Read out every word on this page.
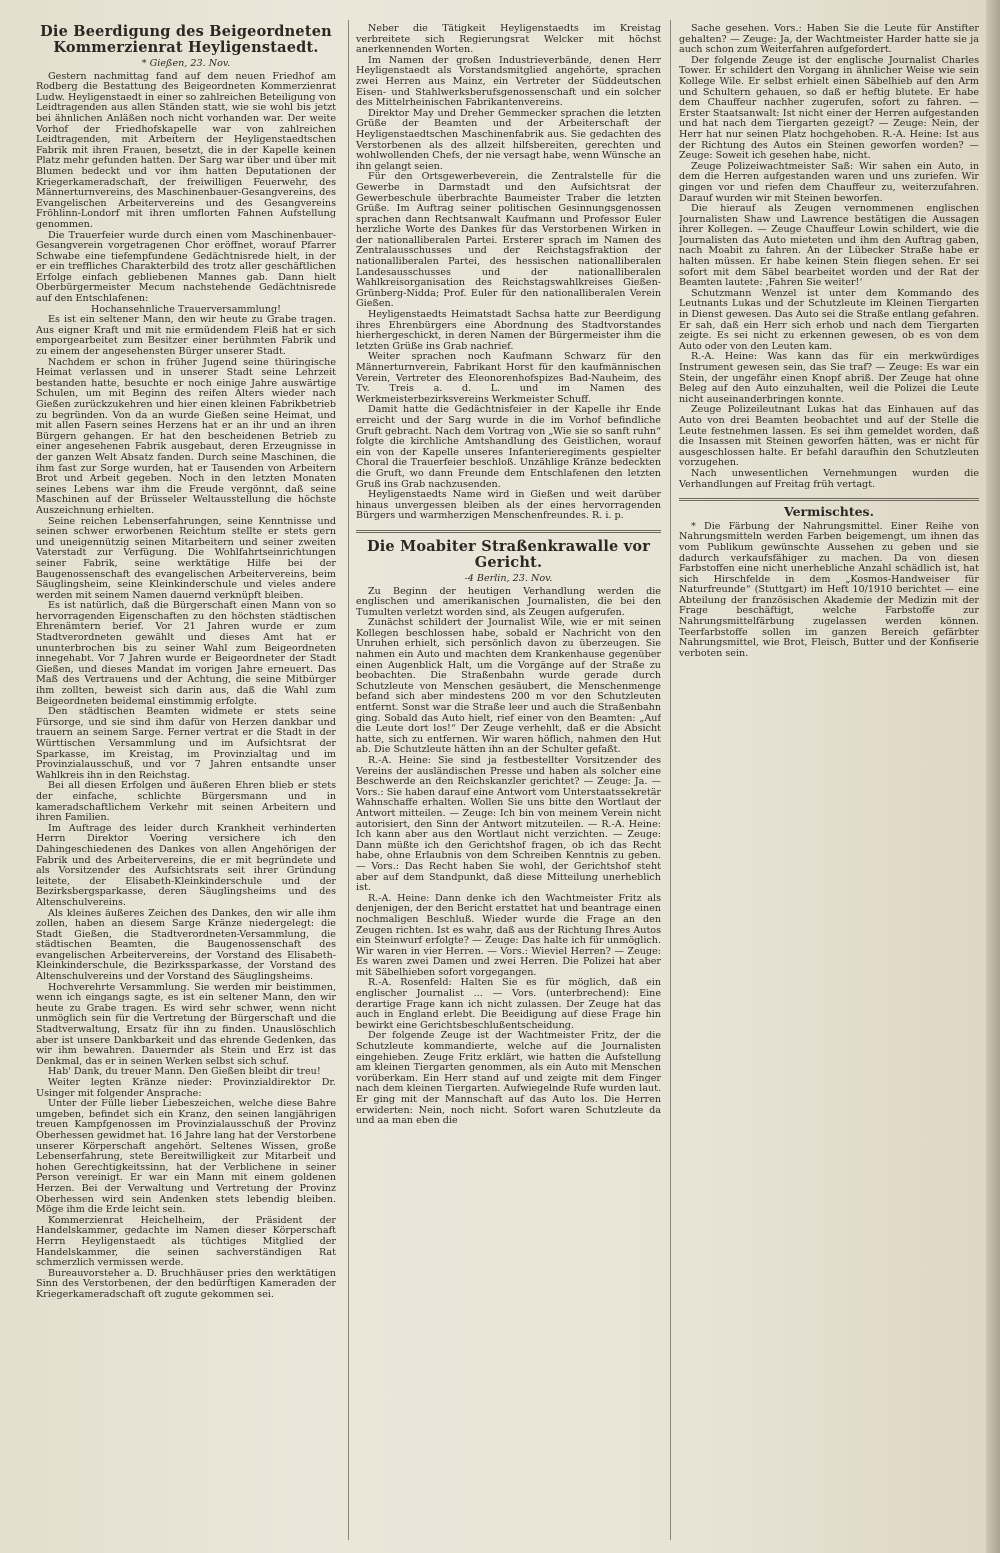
Die Beerdigung des Beigeordneten Kommerzienrat Heyligenstaedt.
* Gießen, 23. Nov.

Gestern nachmittag fand auf dem neuen Friedhof am Rodberg die Bestattung des Beigeordneten Kommerzienrat Ludw. Heyligenstaedt in einer so zahlreichen Beteiligung von Leidtragenden aus allen Ständen statt, wie sie wohl bis jetzt bei ähnlichen Anläßen noch nicht vorhanden war. Der weite Vorhof der Friedhofskapelle war von zahlreichen Leidtragenden, mit Arbeitern der Heyligenstaedtschen Fabrik mit ihren Frauen, besetzt, die in der Kapelle keinen Platz mehr gefunden hatten. Der Sarg war über und über mit Blumen bedeckt und vor ihm hatten Deputationen der Kriegerkameradschaft, der freiwilligen Feuerwehr, des Männerturnvereins, des Maschinenbauer-Gesangvereins, des Evangelischen Arbeitervereins und des Gesangvereins Fröhlinn-Londorf mit ihren umflorten Fahnen Aufstellung genommen.

Die Trauerfeier wurde durch einen vom Maschinenbauer-Gesangverein vorgetragenen Chor eröffnet, worauf Pfarrer Schwabe eine tiefempfundene Gedächtnisrede hielt, in der er ein treffliches Charakterbild des trotz aller geschäftlichen Erfolge einfach gebliebenen Mannes gab. Dann hielt Oberbürgermeister Mecum nachstehende Gedächtnisrede auf den Entschlafenen:

Hochansehnliche Trauerversammlung!

Es ist ein seltener Mann, den wir heute zu Grabe tragen. Aus eigner Kraft und mit nie ermüdendem Fleiß hat er sich emporgearbeitet zum Besitzer einer berühmten Fabrik und zu einem der angesehensten Bürger unserer Stadt.

Nachdem er schon in früher Jugend seine thüringische Heimat verlassen und in unserer Stadt seine Lehrzeit bestanden hatte, besuchte er noch einige Jahre auswärtige Schulen, um mit Beginn des reifen Alters wieder nach Gießen zurückzukehren und hier einen kleinen Fabrikbetrieb zu begründen. Von da an wurde Gießen seine Heimat, und mit allen Fasern seines Herzens hat er an ihr und an ihren Bürgern gehangen. Er hat den bescheidenen Betrieb zu einer angesehenen Fabrik ausgebaut, deren Erzeugnisse in der ganzen Welt Absatz fanden. Durch seine Maschinen, die ihm fast zur Sorge wurden, hat er Tausenden von Arbeitern Brot und Arbeit gegeben. Noch in den letzten Monaten seines Lebens war ihm die Freude vergönnt, daß seine Maschinen auf der Brüsseler Weltausstellung die höchste Auszeichnung erhielten.

Seine reichen Lebenserfahrungen, seine Kenntnisse und seinen schwer erworbenen Reichtum stellte er stets gern und uneigennützig seinen Mitarbeitern und seiner zweiten Vaterstadt zur Verfügung. Die Wohlfahrtseinrichtungen seiner Fabrik, seine werktätige Hilfe bei der Baugenossenschaft des evangelischen Arbeitervereins, beim Säuglingsheim, seine Kleinkinderschule und vieles andere werden mit seinem Namen dauernd verknüpft bleiben.

Es ist natürlich, daß die Bürgerschaft einen Mann von so hervorragenden Eigenschaften zu den höchsten städtischen Ehrenämtern berief. Vor 21 Jahren wurde er zum Stadtverordneten gewählt und dieses Amt hat er ununterbrochen bis zu seiner Wahl zum Beigeordneten innegehabt. Vor 7 Jahren wurde er Beigeordneter der Stadt Gießen, und dieses Mandat im vorigen Jahre erneuert. Das Maß des Vertrauens und der Achtung, die seine Mitbürger ihm zollten, beweist sich darin aus, daß die Wahl zum Beigeordneten beidemal einstimmig erfolgte.

Den städtischen Beamten widmete er stets seine Fürsorge, und sie sind ihm dafür von Herzen dankbar und trauern an seinem Sarge. Ferner vertrat er die Stadt in der Württischen Versammlung und im Aufsichtsrat der Sparkasse, im Kreistag, im Provinzialtag und im Provinzialausschuß, und vor 7 Jahren entsandte unser Wahlkreis ihn in den Reichstag.

Bei all diesen Erfolgen und äußeren Ehren blieb er stets der einfache, schlichte Bürgersmann und in kameradschaftlichem Verkehr mit seinen Arbeitern und ihren Familien.

Im Auftrage des leider durch Krankheit verhinderten Herrn Direktor Voering versichere ich den Dahingeschiedenen des Dankes von allen Angehörigen der Fabrik und des Arbeitervereins, die er mit begründete und als Vorsitzender des Aufsichtsrats seit ihrer Gründung leitete, der Elisabeth-Kleinkinderschule und der Bezirksbergsparkasse, deren Säuglingsheims und des Altenschulvereins.

Als kleines äußeres Zeichen des Dankes, den wir alle ihm zollen, haben an diesem Sarge Kränze niedergelegt: die Stadt Gießen, die Stadtverordneten-Versammlung, die städtischen Beamten, die Baugenossenschaft des evangelischen Arbeitervereins, der Vorstand des Elisabeth-Kleinkinderschule, die Bezirkssparkasse, der Vorstand des Altenschulvereins und der Vorstand des Säuglingsheims.

Hochverehrte Versammlung. Sie werden mir beistimmen, wenn ich eingangs sagte, es ist ein seltener Mann, den wir heute zu Grabe tragen. Es wird sehr schwer, wenn nicht unmöglich sein für die Vertretung der Bürgerschaft und die Stadtverwaltung, Ersatz für ihn zu finden. Unauslöschlich aber ist unsere Dankbarkeit und das ehrende Gedenken, das wir ihm bewahren. Dauernder als Stein und Erz ist das Denkmal, das er in seinen Werken selbst sich schuf.

Hab' Dank, du treuer Mann. Den Gießen bleibt dir treu!

Weiter legten Kränze nieder: Provinzialdirektor Dr. Usinger mit folgender Ansprache:

Unter der Fülle lieber Liebeszeichen, welche diese Bahre umgeben, befindet sich ein Kranz, den seinen langjährigen treuen Kampfgenossen im Provinzialausschuß der Provinz Oberhessen gewidmet hat. 16 Jahre lang hat der Verstorbene unserer Körperschaft angehört. Seltenes Wissen, große Lebenserfahrung, stete Bereitwilligkeit zur Mitarbeit und hohen Gerechtigkeitssinn, hat der Verblichene in seiner Person vereinigt. Er war ein Mann mit einem goldenen Herzen. Bei der Verwaltung und Vertretung der Provinz Oberhessen wird sein Andenken stets lebendig bleiben. Möge ihm die Erde leicht sein.

Kommerzienrat Heichelheim, der Präsident der Handelskammer, gedachte im Namen dieser Körperschaft Herrn Heyligenstaedt als tüchtiges Mitglied der Handelskammer, die seinen sachverständigen Rat schmerzlich vermissen werde.

Bureauvorsteher a. D. Bruchhäuser pries den werktätigen Sinn des Verstorbenen, der den bedürftigen Kameraden der Kriegerkameradschaft oft zugute gekommen sei.

Neber die Tätigkeit Heyligenstaedts im Kreistag verbreitete sich Regierungsrat Welcker mit höchst anerkennenden Worten.

Im Namen der großen Industrieverbände, denen Herr Heyligenstaedt als Vorstandsmitglied angehörte, sprachen zwei Herren aus Mainz, ein Vertreter der Süddeutschen Eisen- und Stahlwerksberufsgenossenschaft und ein solcher des Mittelrheinischen Fabrikantenvereins.

Direktor May und Dreher Gemmecker sprachen die letzten Grüße der Beamten und der Arbeiterschaft der Heyligenstaedtschen Maschinenfabrik aus. Sie gedachten des Verstorbenen als des allzeit hilfsbereiten, gerechten und wohlwollenden Chefs, der nie versagt habe, wenn Wünsche an ihn gelangt seien.

Für den Ortsgewerbeverein, die Zentralstelle für die Gewerbe in Darmstadt und den Aufsichtsrat der Gewerbeschule überbrachte Baumeister Traber die letzten Grüße. Im Auftrag seiner politischen Gesinnungsgenossen sprachen dann Rechtsanwalt Kaufmann und Professor Euler herzliche Worte des Dankes für das Verstorbenen Wirken in der nationalliberalen Partei. Ersterer sprach im Namen des Zentralausschusses und der Reichstagsfraktion der nationalliberalen Partei, des hessischen nationalliberalen Landesausschusses und der nationalliberalen Wahlkreisorganisation des Reichstagswahlkreises Gießen-Grünberg-Nidda; Prof. Euler für den nationalliberalen Verein Gießen.

Heyligenstaedts Heimatstadt Sachsa hatte zur Beerdigung ihres Ehrenbürgers eine Abordnung des Stadtvorstandes hierhergeschickt, in deren Namen der Bürgermeister ihm die letzten Grüße ins Grab nachrief.

Weiter sprachen noch Kaufmann Schwarz für den Männerturnverein, Fabrikant Horst für den kaufmännischen Verein, Vertreter des Eleonorenhofspizes Bad-Nauheim, des Tv. Treis a. d. L. und im Namen des Werkmeisterbezirksvereins Werkmeister Schuff.

Damit hatte die Gedächtnisfeier in der Kapelle ihr Ende erreicht und der Sarg wurde in die im Vorhof befindliche Gruft gebracht. Nach dem Vortrag von „Wie sie so sanft ruhn“ folgte die kirchliche Amtshandlung des Geistlichen, worauf ein von der Kapelle unseres Infanterieregiments gespielter Choral die Trauerfeier beschloß. Unzählige Kränze bedeckten die Gruft, wo dann Freunde dem Entschlafenen den letzten Gruß ins Grab nachzusenden.

Heyligenstaedts Name wird in Gießen und weit darüber hinaus unvergessen bleiben als der eines hervorragenden Bürgers und warmherzigen Menschenfreundes. R. i. p.

Die Moabiter Straßenkrawalle vor Gericht.
-4 Berlin, 23. Nov.

Zu Beginn der heutigen Verhandlung werden die englischen und amerikanischen Journalisten, die bei den Tumulten verletzt worden sind, als Zeugen aufgerufen.

Zunächst schildert der Journalist Wile, wie er mit seinen Kollegen beschlossen habe, sobald er Nachricht von den Unruhen erhielt, sich persönlich davon zu überzeugen. Sie nahmen ein Auto und machten dem Krankenhause gegenüber einen Augenblick Halt, um die Vorgänge auf der Straße zu beobachten. Die Straßenbahn wurde gerade durch Schutzleute von Menschen gesäubert, die Menschenmenge befand sich aber mindestens 200 m vor den Schutzleuten entfernt. Sonst war die Straße leer und auch die Straßenbahn ging. Sobald das Auto hielt, rief einer von den Beamten: „Auf die Leute dort los!“ Der Zeuge verhehlt, daß er die Absicht hatte, sich zu entfernen. Wir waren höflich, nahmen den Hut ab. Die Schutzleute hätten ihn an der Schulter gefaßt.

R.-A. Heine: Sie sind ja festbestellter Vorsitzender des Vereins der ausländischen Presse und haben als solcher eine Beschwerde an den Reichskanzler gerichtet? — Zeuge: Ja. — Vors.: Sie haben darauf eine Antwort vom Unterstaatssekretär Wahnschaffe erhalten. Wollen Sie uns bitte den Wortlaut der Antwort mitteilen. — Zeuge: Ich bin von meinem Verein nicht autorisiert, den Sinn der Antwort mitzuteilen. — R.-A. Heine: Ich kann aber aus den Wortlaut nicht verzichten. — Zeuge: Dann müßte ich den Gerichtshof fragen, ob ich das Recht habe, ohne Erlaubnis von dem Schreiben Kenntnis zu geben. — Vors.: Das Recht haben Sie wohl, der Gerichtshof steht aber auf dem Standpunkt, daß diese Mitteilung unerheblich ist.

R.-A. Heine: Dann denke ich den Wachtmeister Fritz als denjenigen, der den Bericht erstattet hat und beantrage einen nochmaligen Beschluß. Wieder wurde die Frage an den Zeugen richten. Ist es wahr, daß aus der Richtung Ihres Autos ein Steinwurf erfolgte? — Zeuge: Das halte ich für unmöglich. Wir waren in vier Herren. — Vors.: Wieviel Herren? — Zeuge: Es waren zwei Damen und zwei Herren. Die Polizei hat aber mit Säbelhieben sofort vorgegangen.

R.-A. Rosenfeld: Halten Sie es für möglich, daß ein englischer Journalist ... — Vors. (unterbrechend): Eine derartige Frage kann ich nicht zulassen. Der Zeuge hat das auch in England erlebt. Die Beeidigung auf diese Frage hin bewirkt eine Gerichtsbeschlußentscheidung.

Der folgende Zeuge ist der Wachtmeister Fritz, der die Schutzleute kommandierte, welche auf die Journalisten eingehieben. Zeuge Fritz erklärt, wie hatten die Aufstellung am kleinen Tiergarten genommen, als ein Auto mit Menschen vorüberkam. Ein Herr stand auf und zeigte mit dem Finger nach dem kleinen Tiergarten. Aufwiegelnde Rufe wurden laut. Er ging mit der Mannschaft auf das Auto los. Die Herren erwiderten: Nein, noch nicht. Sofort waren Schutzleute da und aa man eben die

Sache gesehen. Vors.: Haben Sie die Leute für Anstifter gehalten? — Zeuge: Ja, der Wachtmeister Harder hatte sie ja auch schon zum Weiterfahren aufgefordert.

Der folgende Zeuge ist der englische Journalist Charles Tower. Er schildert den Vorgang in ähnlicher Weise wie sein Kollege Wile. Er selbst erhielt einen Säbelhieb auf den Arm und Schultern gehauen, so daß er heftig blutete. Er habe dem Chauffeur nachher zugerufen, sofort zu fahren. — Erster Staatsanwalt: Ist nicht einer der Herren aufgestanden und hat nach dem Tiergarten gezeigt? — Zeuge: Nein, der Herr hat nur seinen Platz hochgehoben. R.-A. Heine: Ist aus der Richtung des Autos ein Steinen geworfen worden? — Zeuge: Soweit ich gesehen habe, nicht.

Zeuge Polizeiwachtmeister Saß: Wir sahen ein Auto, in dem die Herren aufgestanden waren und uns zuriefen. Wir gingen vor und riefen dem Chauffeur zu, weiterzufahren. Darauf wurden wir mit Steinen beworfen.

Die hierauf als Zeugen vernommenen englischen Journalisten Shaw und Lawrence bestätigen die Aussagen ihrer Kollegen. — Zeuge Chauffeur Lowin schildert, wie die Journalisten das Auto mieteten und ihm den Auftrag gaben, nach Moabit zu fahren. An der Lübecker Straße habe er halten müssen. Er habe keinen Stein fliegen sehen. Er sei sofort mit dem Säbel bearbeitet worden und der Rat der Beamten lautete: ‚Fahren Sie weiter!‘

Schutzmann Wenzel ist unter dem Kommando des Leutnants Lukas und der Schutzleute im Kleinen Tiergarten in Dienst gewesen. Das Auto sei die Straße entlang gefahren. Er sah, daß ein Herr sich erhob und nach dem Tiergarten zeigte. Es sei nicht zu erkennen gewesen, ob es von dem Auto oder von den Leuten kam.

R.-A. Heine: Was kann das für ein merkwürdiges Instrument gewesen sein, das Sie traf? — Zeuge: Es war ein Stein, der ungefähr einen Knopf abriß. Der Zeuge hat ohne Beleg auf den Auto einzuhalten, weil die Polizei die Leute nicht auseinanderbringen konnte.

Zeuge Polizeileutnant Lukas hat das Einhauen auf das Auto von drei Beamten beobachtet und auf der Stelle die Leute festnehmen lassen. Es sei ihm gemeldet worden, daß die Insassen mit Steinen geworfen hätten, was er nicht für ausgeschlossen halte. Er befahl daraufhin den Schutzleuten vorzugehen.

Nach unwesentlichen Vernehmungen wurden die Verhandlungen auf Freitag früh vertagt.

Vermischtes.

* Die Färbung der Nahrungsmittel. Einer Reihe von Nahrungsmitteln werden Farben beigemengt, um ihnen das vom Publikum gewünschte Aussehen zu geben und sie dadurch verkaufsfähiger zu machen. Da von diesen Farbstoffen eine nicht unerhebliche Anzahl schädlich ist, hat sich Hirschfelde in dem „Kosmos-Handweiser für Naturfreunde“ (Stuttgart) im Heft 10/1910 berichtet — eine Abteilung der französischen Akademie der Medizin mit der Frage beschäftigt, welche Farbstoffe zur Nahrungsmittelfärbung zugelassen werden können. Teerfarbstoffe sollen im ganzen Bereich gefärbter Nahrungsmittel, wie Brot, Fleisch, Butter und der Konfiserie verboten sein.
